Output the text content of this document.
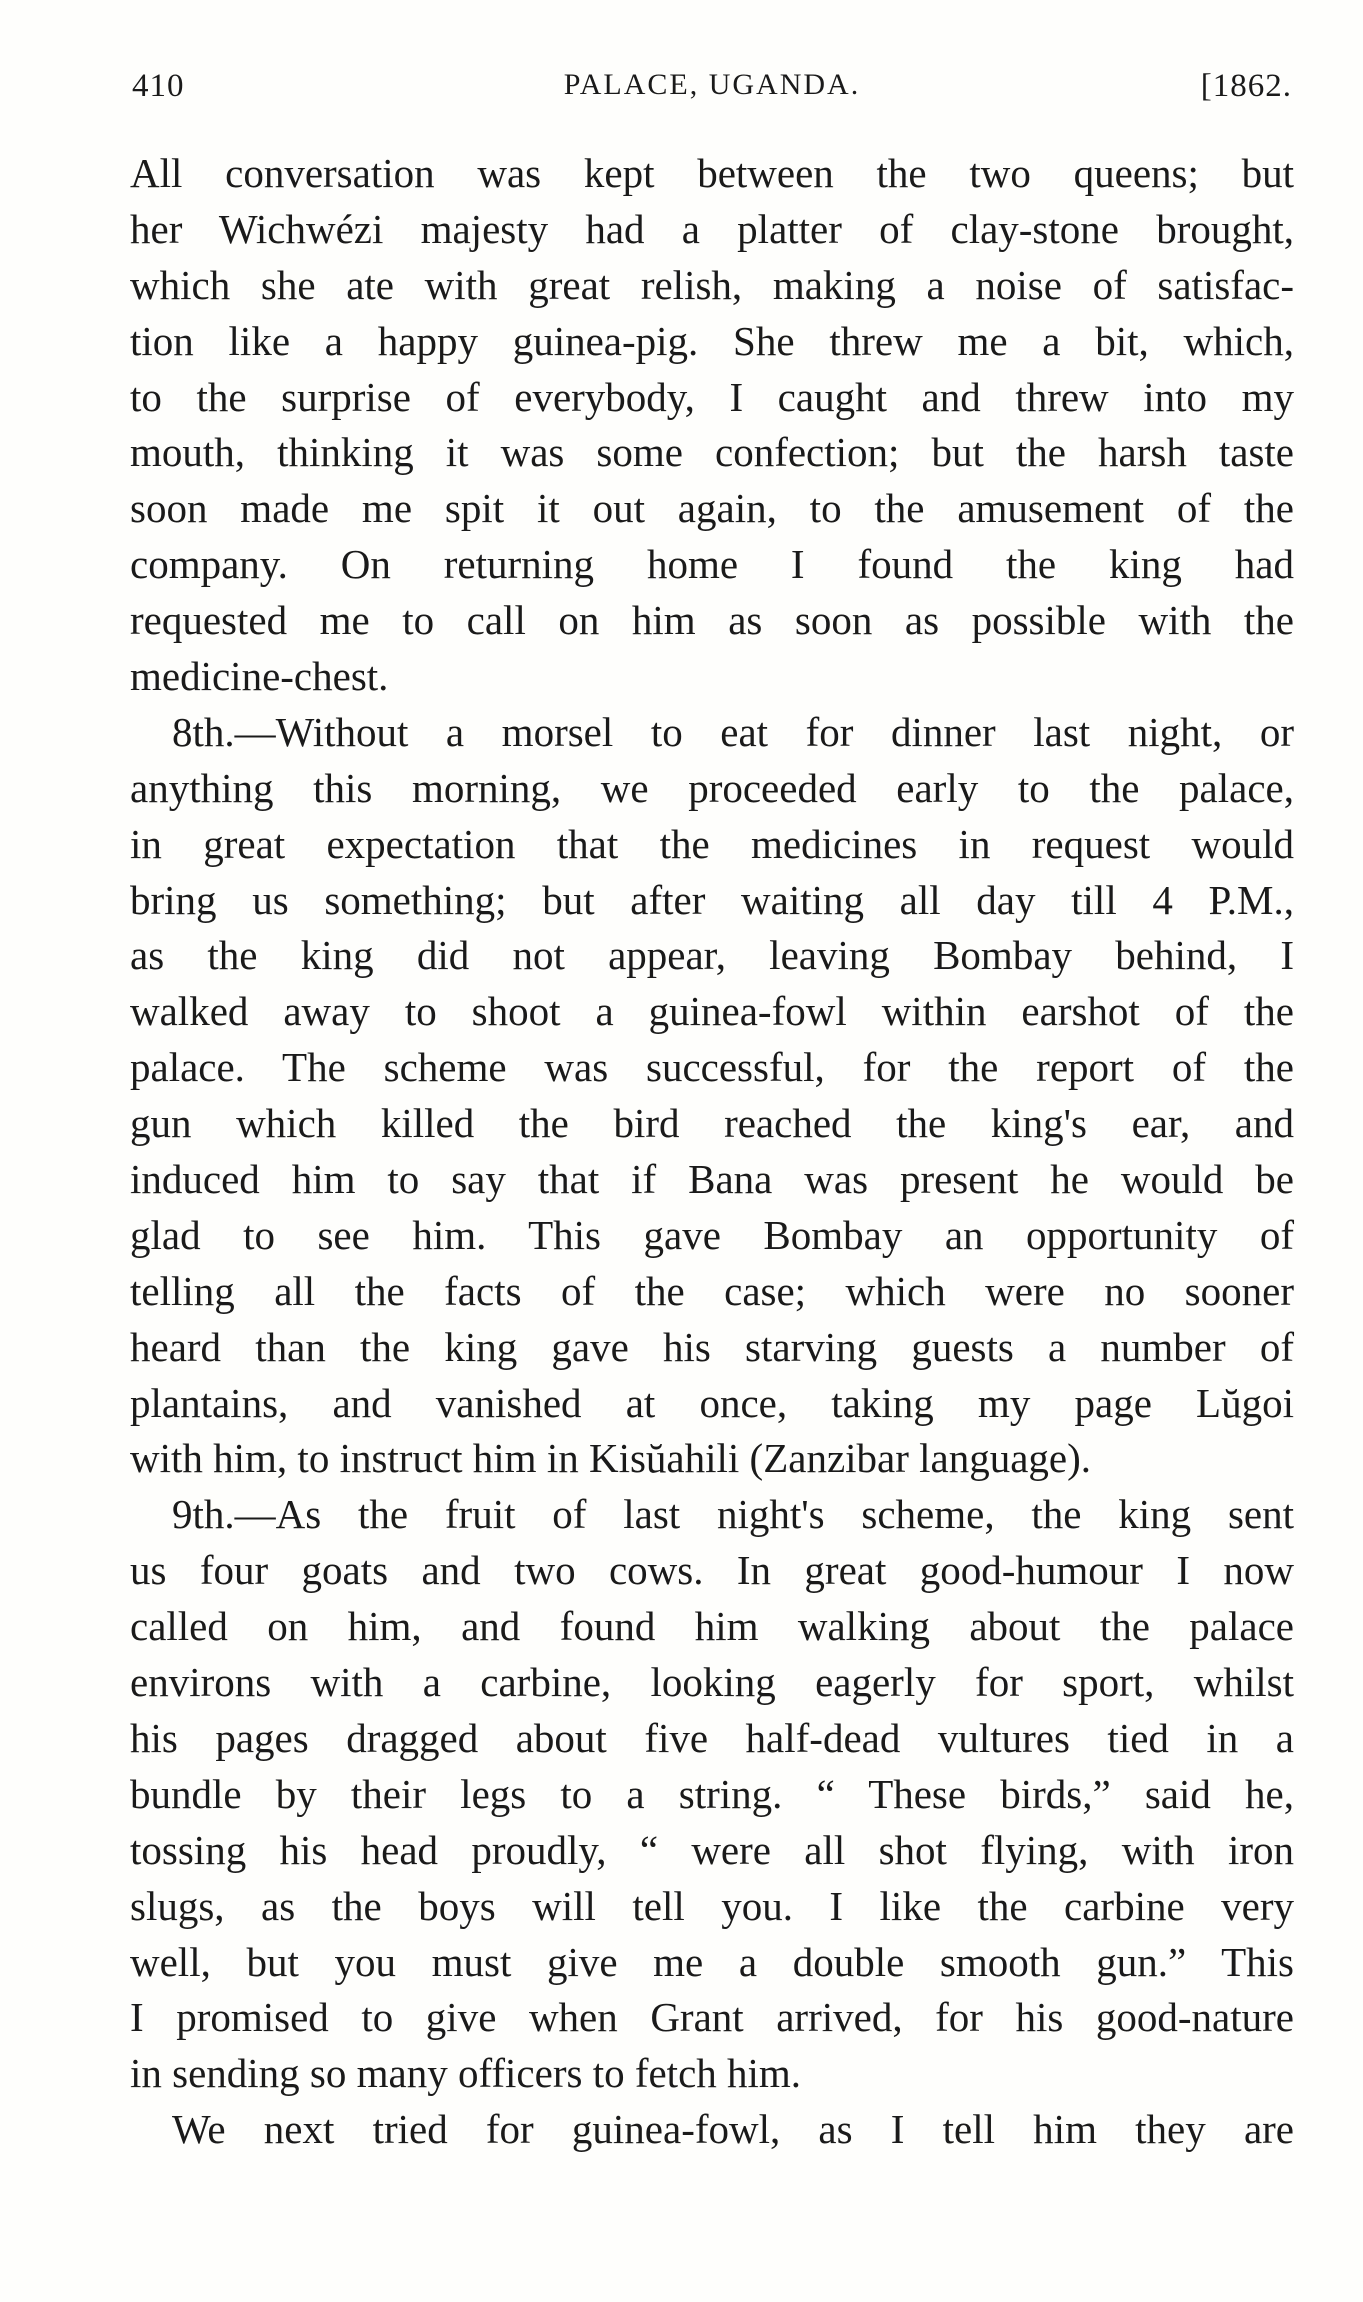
410	PALACE, UGANDA.	[1862.
All conversation was kept between the two queens; but
her Wichwézi majesty had a platter of clay-stone brought,
which she ate with great relish, making a noise of satisfac-
tion like a happy guinea-pig. She threw me a bit, which,
to the surprise of everybody, I caught and threw into my
mouth, thinking it was some confection; but the harsh taste
soon made me spit it out again, to the amusement of the
company. On returning home I found the king had
requested me to call on him as soon as possible with the
medicine-chest.
8th.—Without a morsel to eat for dinner last night, or
anything this morning, we proceeded early to the palace,
in great expectation that the medicines in request would
bring us something; but after waiting all day till 4 P.M.,
as the king did not appear, leaving Bombay behind, I
walked away to shoot a guinea-fowl within earshot of the
palace. The scheme was successful, for the report of the
gun which killed the bird reached the king's ear, and
induced him to say that if Bana was present he would be
glad to see him. This gave Bombay an opportunity of
telling all the facts of the case; which were no sooner
heard than the king gave his starving guests a number of
plantains, and vanished at once, taking my page Lŭgoi
with him, to instruct him in Kisŭahili (Zanzibar language).
9th.—As the fruit of last night's scheme, the king sent
us four goats and two cows. In great good-humour I now
called on him, and found him walking about the palace
environs with a carbine, looking eagerly for sport, whilst
his pages dragged about five half-dead vultures tied in a
bundle by their legs to a string. “ These birds,” said he,
tossing his head proudly, “ were all shot flying, with iron
slugs, as the boys will tell you. I like the carbine very
well, but you must give me a double smooth gun.” This
I promised to give when Grant arrived, for his good-nature
in sending so many officers to fetch him.
We next tried for guinea-fowl, as I tell him they are
